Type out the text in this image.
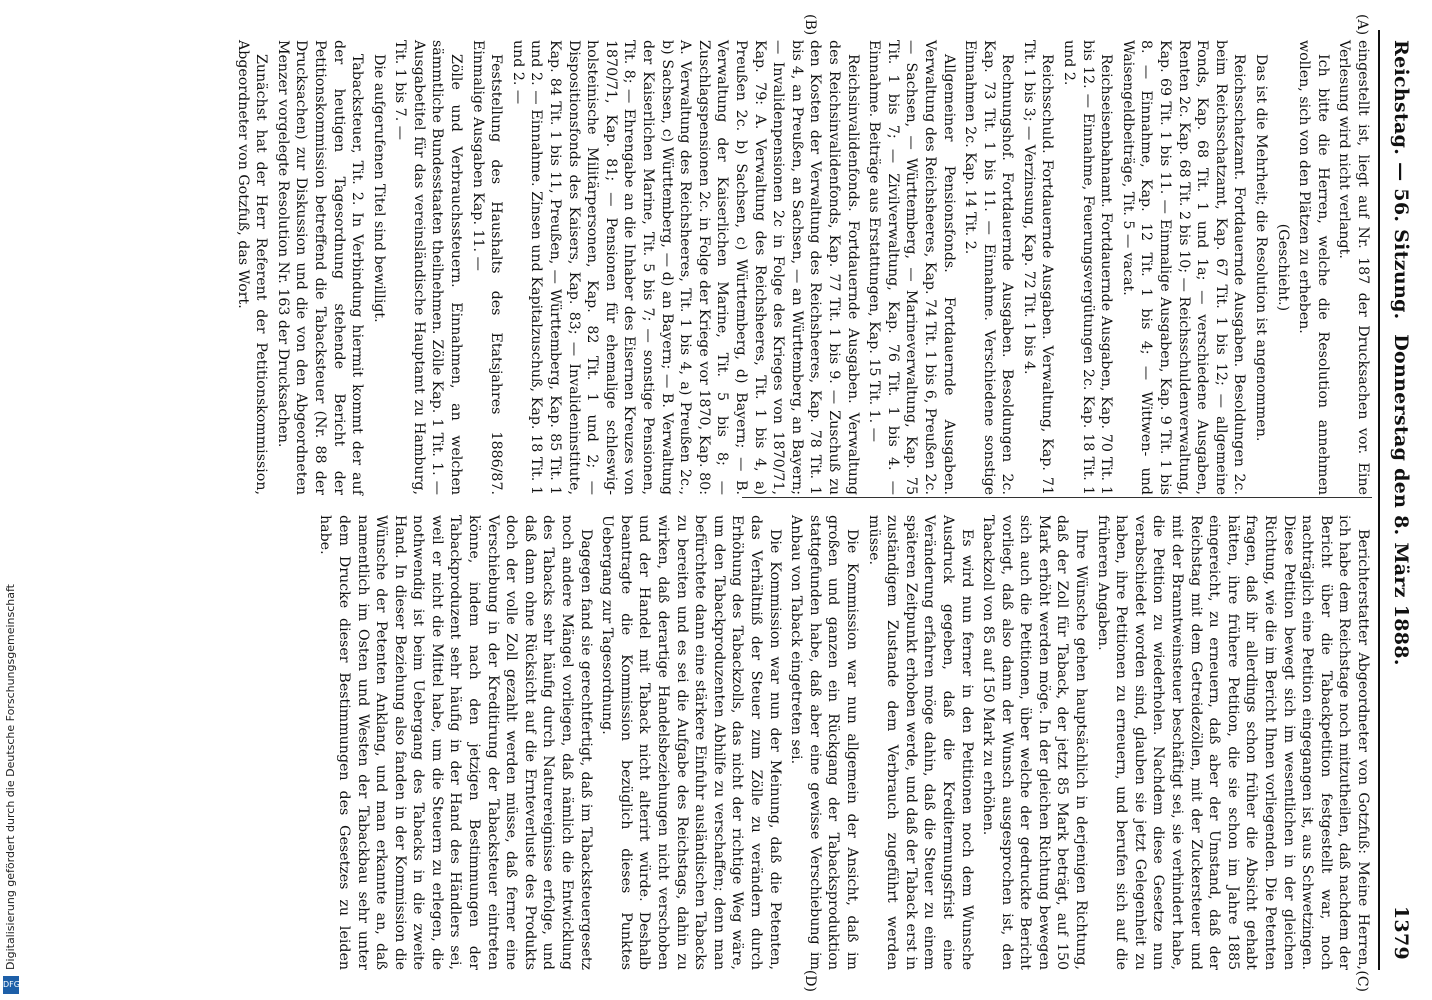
Reichstag. — 56. Sitzung.
Donnerstag den 8. März 1888.
1379
(A)
(B)
(C)
(D)

eingestellt ist, liegt auf Nr. 187 der Drucksachen vor. Eine Verlesung wird nicht verlangt.

Ich bitte die Herren, welche die Resolution annehmen wollen, sich von den Plätzen zu erheben.

(Geschieht.)

Das ist die Mehrheit; die Resolution ist angenommen.

Reichsschatzamt. Fortdauernde Ausgaben. Besoldungen 2c. beim Reichsschatzamt, Kap. 67 Tit. 1 bis 12; — allgemeine Fonds, Kap. 68 Tit. 1 und 1a; — verschiedene Ausgaben, Renten 2c. Kap. 68 Tit. 2 bis 10; — Reichsschuldenverwaltung, Kap. 69 Tit. 1 bis 11. — Einmalige Ausgaben, Kap. 9 Tit. 1 bis 8. — Einnahme, Kap. 12 Tit. 1 bis 4; — Wittwen- und Waisengeldbeiträge, Tit. 5 — vacat.

Reichseisenbahnamt. Fortdauernde Ausgaben, Kap. 70 Tit. 1 bis 12. — Einnahme, Feuerungsvergütungen 2c. Kap. 18 Tit. 1 und 2.

Reichsschuld. Fortdauernde Ausgaben. Verwaltung, Kap. 71 Tit. 1 bis 3; — Verzinsung, Kap. 72 Tit. 1 bis 4.

Rechnungshof. Fortdauernde Ausgaben. Besoldungen 2c. Kap. 73 Tit. 1 bis 11. — Einnahme. Verschiedene sonstige Einnahmen 2c. Kap. 14 Tit. 2.

Allgemeiner Pensionsfonds. Fortdauernde Ausgaben. Verwaltung des Reichsheeres, Kap. 74 Tit. 1 bis 6, Preußen 2c. — Sachsen, — Württemberg, — Marineverwaltung, Kap. 75 Tit. 1 bis 7; — Zivilverwaltung, Kap. 76 Tit. 1 bis 4. — Einnahme. Beiträge aus Erstattungen, Kap. 15 Tit. 1. —

Reichsinvalidenfonds. Fortdauernde Ausgaben. Verwaltung des Reichsinvalidenfonds, Kap. 77 Tit. 1 bis 9. — Zuschuß zu den Kosten der Verwaltung des Reichsheeres, Kap. 78 Tit. 1 bis 4, an Preußen, an Sachsen, — an Württemberg, an Bayern; — Invalidenpensionen 2c in Folge des Krieges von 1870/71, Kap. 79: A. Verwaltung des Reichsheeres, Tit. 1 bis 4, a) Preußen 2c. b) Sachsen, c) Württemberg, d) Bayern; — B. Verwaltung der Kaiserlichen Marine, Tit. 5 bis 8; — Zuschlagspensionen 2c. in Folge der Kriege vor 1870, Kap. 80: A. Verwaltung des Reichsheeres, Tit. 1 bis 4, a) Preußen 2c., b) Sachsen, c) Württemberg, — d) an Bayern; — B. Verwaltung der Kaiserlichen Marine, Tit. 5 bis 7; — sonstige Pensionen, Tit. 8; — Ehrengabe an die Inhaber des Eisernen Kreuzes von 1870/71, Kap. 81; — Pensionen für ehemalige schleswig-holsteinische Militärpersonen, Kap. 82 Tit. 1 und 2; — Dispositionsfonds des Kaisers, Kap. 83; — Invalideninstitute, Kap. 84 Tit. 1 bis 11, Preußen, — Württemberg, Kap. 85 Tit. 1 und 2. — Einnahme. Zinsen und Kapitalzuschuß, Kap. 18 Tit. 1 und 2. —

Feststellung des Haushalts des Etatsjahres 1886/87. Einmalige Ausgaben Kap. 11. —

Zölle und Verbrauchssteuern. Einnahmen, an welchen sämmtliche Bundesstaaten theilnehmen. Zölle Kap. 1 Tit. 1. — Ausgabetitel für das vereinsländische Hauptamt zu Hamburg, Tit. 1 bis 7. —

Die aufgerufenen Titel sind bewilligt.

Tabacksteuer, Tit. 2. In Verbindung hiermit kommt der auf der heutigen Tagesordnung stehende Bericht der Petitionskommission betreffend die Tabacksteuer (Nr. 88 der Drucksachen) zur Diskussion und die von den Abgeordneten Menzer vorgelegte Resolution Nr. 163 der Drucksachen.

Zunächst hat der Herr Referent der Petitionskommission, Abgeordneter von Gotzfuß, das Wort.

Berichterstatter Abgeordneter von Gotzfuß: Meine Herren, ich habe dem Reichstage noch mitzutheilen, daß nachdem der Bericht über die Tabackpetition festgestellt war, noch nachträglich eine Petition eingegangen ist, aus Schwetzingen. Diese Petition bewegt sich im wesentlichen in der gleichen Richtung, wie die im Bericht Ihnen vorliegenden. Die Petenten fragen, daß ihr allerdings schon früher die Absicht gehabt hätten, ihre frühere Petition, die sie schon im Jahre 1885 eingereicht, zu erneuern, daß aber der Umstand, daß der Reichstag mit dem Getreidezöllen, mit der Zuckersteuer und mit der Branntweinsteuer beschäftigt sei, sie verhindert habe, die Petition zu wiederholen. Nachdem diese Gesetze nun verabschiedet worden sind, glauben sie jetzt Gelegenheit zu haben, ihre Petitionen zu erneuern, und berufen sich auf die früheren Angaben.

Ihre Wünsche gehen hauptsächlich in derjenigen Richtung, daß der Zoll für Taback, der jetzt 85 Mark beträgt, auf 150 Mark erhöht werden möge. In der gleichen Richtung bewegen sich auch die Petitionen, über welche der gedruckte Bericht vorliegt, daß also dann der Wunsch ausgesprochen ist, den Tabackzoll von 85 auf 150 Mark zu erhöhen.

Es wird nun ferner in den Petitionen noch dem Wunsche Ausdruck gegeben, daß die Kreditermungsfrist eine Veränderung erfahren möge dahin, daß die Steuer zu einem späteren Zeitpunkt erhoben werde, und daß der Taback erst in zuständigem Zustande dem Verbrauch zugeführt werden müsse.

Die Kommission war nun allgemein der Ansicht, daß im großen und ganzen ein Rückgang der Tabacksproduktion stattgefunden habe, daß aber eine gewisse Verschiebung im Anbau von Taback eingetreten sei.

Die Kommission war nun der Meinung, daß die Petenten, das Verhältniß der Steuer zum Zölle zu verändern durch Erhöhung des Tabackzolls, das nicht der richtige Weg wäre, um den Tabackproduzenten Abhilfe zu verschaffen; denn man befürchtete dann eine stärkere Einfuhr ausländischen Tabacks zu bereiten und es sei die Aufgabe des Reichstags, dahin zu wirken, daß derartige Handelsbeziehungen nicht verschoben und der Handel mit Taback nicht alterirt würde. Deshalb beantragte die Kommission bezüglich dieses Punktes Uebergang zur Tagesordnung.

Dagegen fand sie gerechtfertigt, daß im Tabacksteuergesetz noch andere Mängel vorliegen, daß nämlich die Entwicklung des Tabacks sehr häufig durch Naturereignisse erfolge, und daß dann ohne Rücksicht auf die Ernteverluste des Produkts doch der volle Zoll gezahlt werden müsse, daß ferner eine Verschiebung in der Kreditirung der Tabacksteuer eintreten könne, indem nach den jetzigen Bestimmungen der Tabackproduzent sehr häufig in der Hand des Händlers sei, weil er nicht die Mittel habe, um die Steuern zu erlegen, die nothwendig ist beim Uebergang des Tabacks in die zweite Hand. In dieser Beziehung also fanden in der Kommission die Wünsche der Petenten Anklang, und man erkannte an, daß namentlich im Osten und Westen der Tabackbau sehr unter dem Drucke dieser Bestimmungen des Gesetzes zu leiden habe.

Digitalisierung gefördert durch die Deutsche Forschungsgemeinschaft
DFG
